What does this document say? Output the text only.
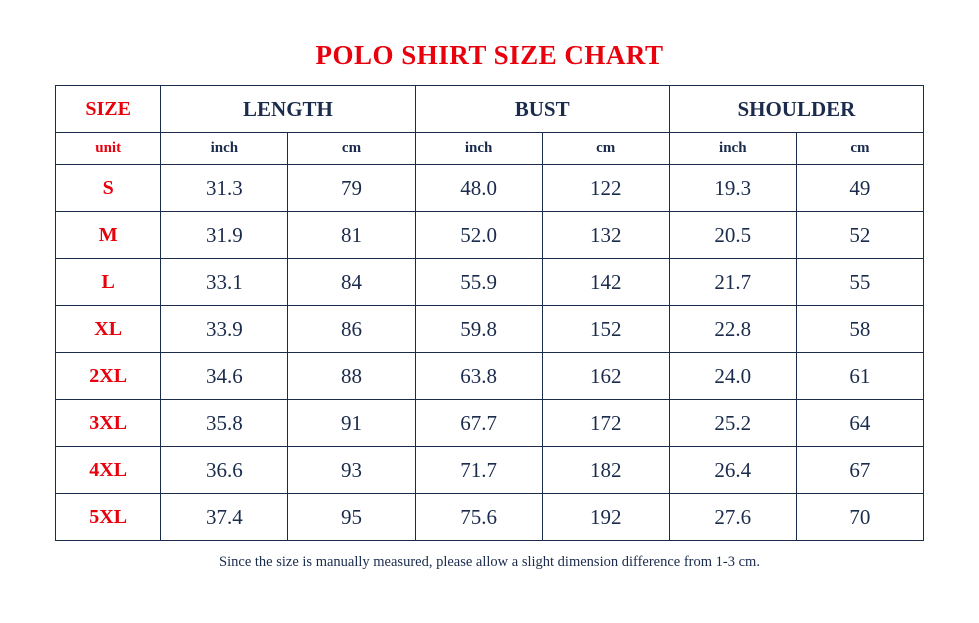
POLO SHIRT SIZE CHART
SIZE	LENGTH		BUST		SHOULDER	
unit	inch	cm	inch	cm	inch	cm
S	31.3	79	48.0	122	19.3	49
M	31.9	81	52.0	132	20.5	52
L	33.1	84	55.9	142	21.7	55
XL	33.9	86	59.8	152	22.8	58
2XL	34.6	88	63.8	162	24.0	61
3XL	35.8	91	67.7	172	25.2	64
4XL	36.6	93	71.7	182	26.4	67
5XL	37.4	95	75.6	192	27.6	70
Since the size is manually measured, please allow a slight dimension difference from 1-3 cm.
